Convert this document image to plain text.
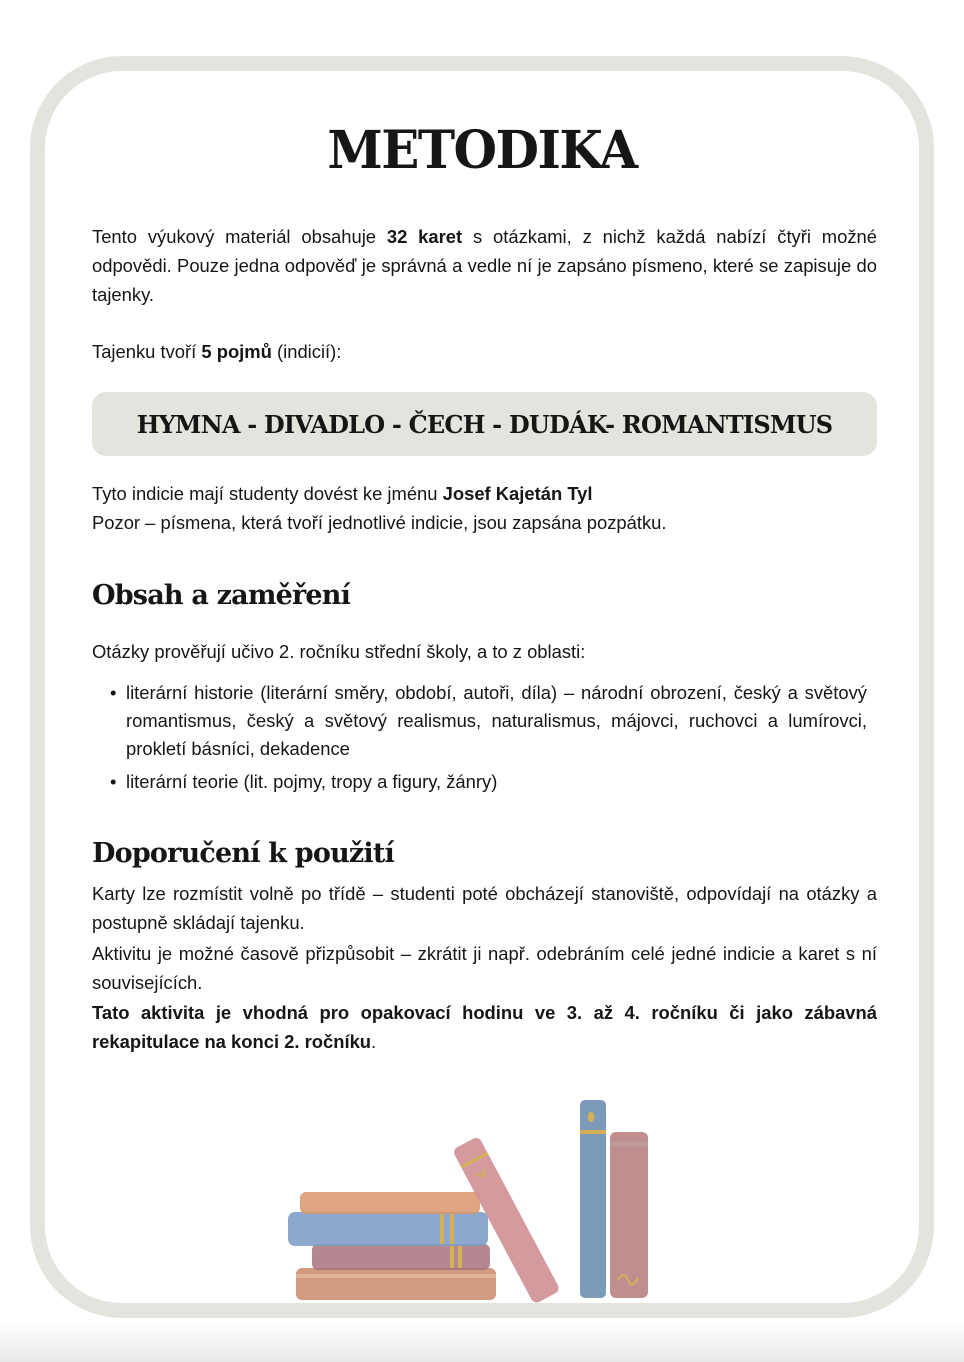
METODIKA

Tento výukový materiál obsahuje 32 karet s otázkami, z nichž každá nabízí čtyři možné odpovědi. Pouze jedna odpověď je správná a vedle ní je zapsáno písmeno, které se zapisuje do tajenky.

Tajenku tvoří 5 pojmů (indicií):

HYMNA - DIVADLO - ČECH - DUDÁK- ROMANTISMUS

Tyto indicie mají studenty dovést ke jménu Josef Kajetán Tyl
Pozor – písmena, která tvoří jednotlivé indicie, jsou zapsána pozpátku.

Obsah a zaměření

Otázky prověřují učivo 2. ročníku střední školy, a to z oblasti:

• literární historie (literární směry, období, autoři, díla) – národní obrození, český a světový romantismus, český a světový realismus, naturalismus, májovci, ruchovci a lumírovci, prokletí básníci, dekadence
• literární teorie (lit. pojmy, tropy a figury, žánry)
Doporučení k použití

Karty lze rozmístit volně po třídě – studenti poté obcházejí stanoviště, odpovídají na otázky a postupně skládají tajenku.

Aktivitu je možné časově přizpůsobit – zkrátit ji např. odebráním celé jedné indicie a karet s ní souvisejících.

Tato aktivita je vhodná pro opakovací hodinu ve 3. až 4. ročníku či jako zábavná rekapitulace na konci 2. ročníku.
